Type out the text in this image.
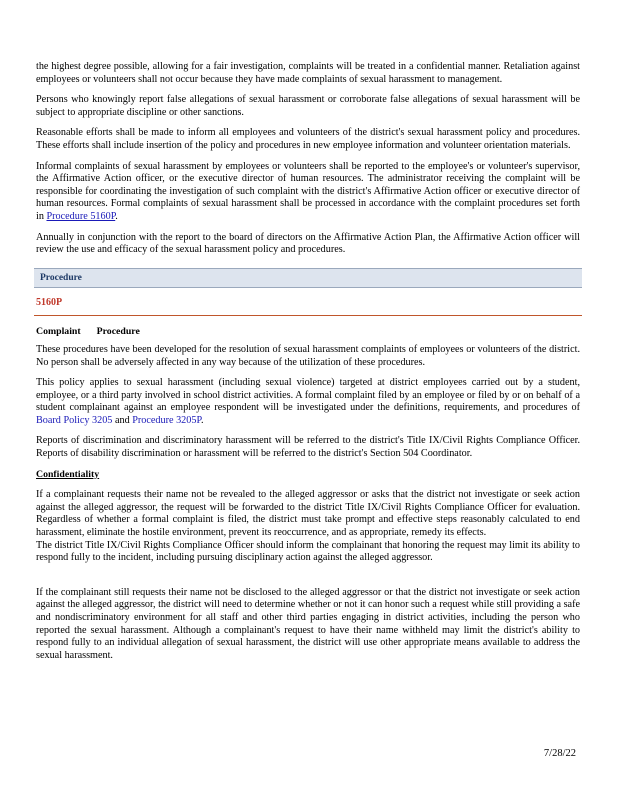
the highest degree possible, allowing for a fair investigation, complaints will be treated in a confidential manner. Retaliation against employees or volunteers shall not occur because they have made complaints of sexual harassment to management.

Persons who knowingly report false allegations of sexual harassment or corroborate false allegations of sexual harassment will be subject to appropriate discipline or other sanctions.

Reasonable efforts shall be made to inform all employees and volunteers of the district's sexual harassment policy and procedures. These efforts shall include insertion of the policy and procedures in new employee information and volunteer orientation materials.

Informal complaints of sexual harassment by employees or volunteers shall be reported to the employee's or volunteer's supervisor, the Affirmative Action officer, or the executive director of human resources. The administrator receiving the complaint will be responsible for coordinating the investigation of such complaint with the district's Affirmative Action officer or executive director of human resources. Formal complaints of sexual harassment shall be processed in accordance with the complaint procedures set forth in Procedure 5160P.

Annually in conjunction with the report to the board of directors on the Affirmative Action Plan, the Affirmative Action officer will review the use and efficacy of the sexual harassment policy and procedures.

Procedure
5160P
Complaint Procedure

These procedures have been developed for the resolution of sexual harassment complaints of employees or volunteers of the district. No person shall be adversely affected in any way because of the utilization of these procedures.

This policy applies to sexual harassment (including sexual violence) targeted at district employees carried out by a student, employee, or a third party involved in school district activities. A formal complaint filed by an employee or filed by or on behalf of a student complainant against an employee respondent will be investigated under the definitions, requirements, and procedures of Board Policy 3205 and Procedure 3205P.

Reports of discrimination and discriminatory harassment will be referred to the district's Title IX/Civil Rights Compliance Officer. Reports of disability discrimination or harassment will be referred to the district's Section 504 Coordinator.

Confidentiality

If a complainant requests their name not be revealed to the alleged aggressor or asks that the district not investigate or seek action against the alleged aggressor, the request will be forwarded to the district Title IX/Civil Rights Compliance Officer for evaluation. Regardless of whether a formal complaint is filed, the district must take prompt and effective steps reasonably calculated to end harassment, eliminate the hostile environment, prevent its reoccurrence, and as appropriate, remedy its effects.

The district Title IX/Civil Rights Compliance Officer should inform the complainant that honoring the request may limit its ability to respond fully to the incident, including pursuing disciplinary action against the alleged aggressor.

If the complainant still requests their name not be disclosed to the alleged aggressor or that the district not investigate or seek action against the alleged aggressor, the district will need to determine whether or not it can honor such a request while still providing a safe and nondiscriminatory environment for all staff and other third parties engaging in district activities, including the person who reported the sexual harassment. Although a complainant's request to have their name withheld may limit the district's ability to respond fully to an individual allegation of sexual harassment, the district will use other appropriate means available to address the sexual harassment.

7/28/22
